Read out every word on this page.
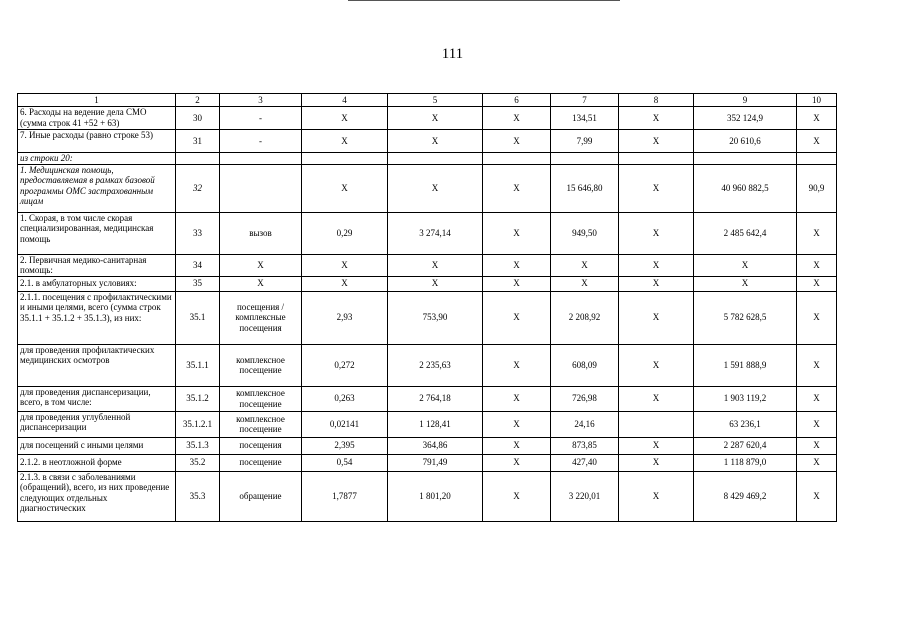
111
1	2	3	4	5	6	7	8	9	10
6. Расходы на ведение дела СМО (сумма строк 41 +52 + 63)	30	-	Х	Х	Х	134,51	Х	352 124,9	Х
7. Иные расходы (равно строке 53)	31	-	Х	Х	Х	7,99	Х	20 610,6	Х
из строки 20:									
1. Медицинская помощь, предоставляемая в рамках базовой программы ОМС застрахованным лицам	32		Х	Х	Х	15 646,80	Х	40 960 882,5	90,9
1. Скорая, в том числе скорая специализированная, медицинская помощь	33	вызов	0,29	3 274,14	Х	949,50	Х	2 485 642,4	Х
2. Первичная медико-санитарная помощь:	34	Х	Х	Х	Х	Х	Х	Х	Х
2.1. в амбулаторных условиях:	35	Х	Х	Х	Х	Х	Х	Х	Х
2.1.1. посещения с профилактическими и иными целями, всего (сумма строк 35.1.1 + 35.1.2 + 35.1.3), из них:	35.1	посещения / комплексные посещения	2,93	753,90	Х	2 208,92	Х	5 782 628,5	Х
для проведения профилактических медицинских осмотров	35.1.1	комплексное посещение	0,272	2 235,63	Х	608,09	Х	1 591 888,9	Х
для проведения диспансеризации, всего, в том числе:	35.1.2	комплексное посещение	0,263	2 764,18	Х	726,98	Х	1 903 119,2	Х
для проведения углубленной диспансеризации	35.1.2.1	комплексное посещение	0,02141	1 128,41	Х	24,16		63 236,1	Х
для посещений с иными целями	35.1.3	посещения	2,395	364,86	Х	873,85	Х	2 287 620,4	Х
2.1.2. в неотложной форме	35.2	посещение	0,54	791,49	Х	427,40	Х	1 118 879,0	Х
2.1.3. в связи с заболеваниями (обращений), всего, из них проведение следующих отдельных диагностических	35.3	обращение	1,7877	1 801,20	Х	3 220,01	Х	8 429 469,2	Х
